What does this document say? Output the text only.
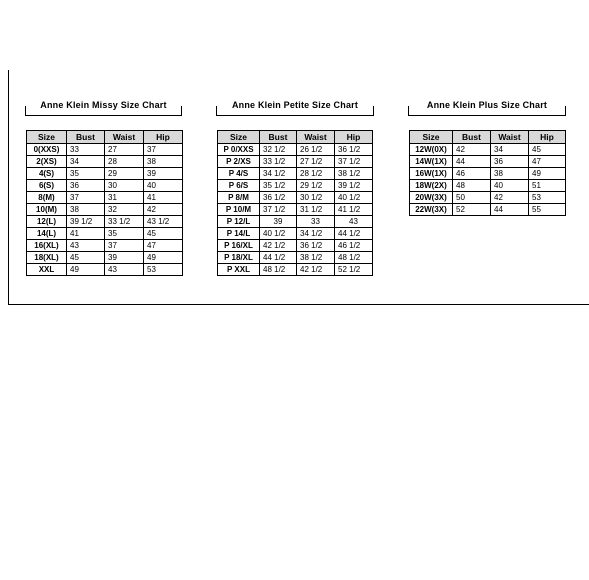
Anne Klein Missy Size Chart
Size	Bust	Waist	Hip
0(XXS)	33	27	37
2(XS)	34	28	38
4(S)	35	29	39
6(S)	36	30	40
8(M)	37	31	41
10(M)	38	32	42
12(L)	39 1/2	33 1/2	43 1/2
14(L)	41	35	45
16(XL)	43	37	47
18(XL)	45	39	49
XXL	49	43	53
Anne Klein Petite Size Chart
Size	Bust	Waist	Hip
P 0/XXS	32 1/2	26 1/2	36 1/2
P 2/XS	33 1/2	27 1/2	37 1/2
P 4/S	34 1/2	28 1/2	38 1/2
P 6/S	35 1/2	29 1/2	39 1/2
P 8/M	36 1/2	30 1/2	40 1/2
P 10/M	37 1/2	31 1/2	41 1/2
P 12/L	39	33	43
P 14/L	40 1/2	34 1/2	44 1/2
P 16/XL	42 1/2	36 1/2	46 1/2
P 18/XL	44 1/2	38 1/2	48 1/2
P XXL	48 1/2	42 1/2	52 1/2
Anne Klein Plus Size Chart
Size	Bust	Waist	Hip
12W(0X)	42	34	45
14W(1X)	44	36	47
16W(1X)	46	38	49
18W(2X)	48	40	51
20W(3X)	50	42	53
22W(3X)	52	44	55
